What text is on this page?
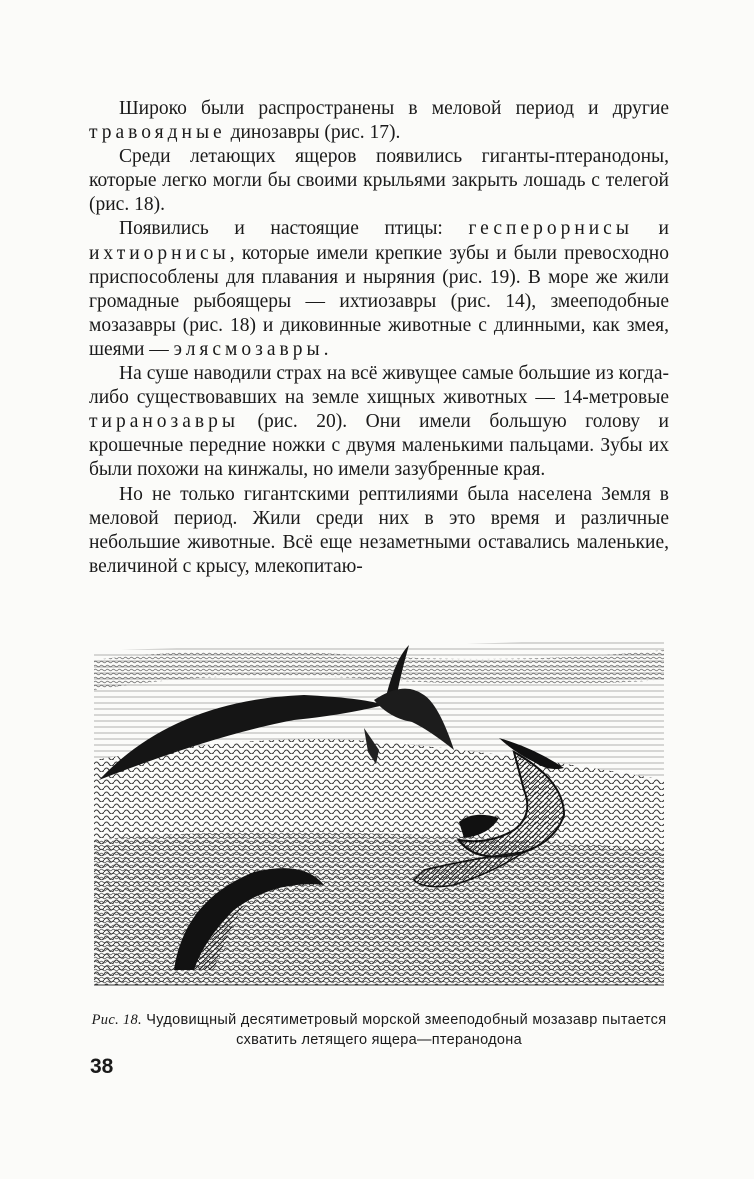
Широко были распространены в меловой период и другие травоядные динозавры (рис. 17).

Среди летающих ящеров появились гиганты-птеранодоны, которые легко могли бы своими крыльями закрыть лошадь с телегой (рис. 18).

Появились и настоящие птицы: гесперорнисы и ихтиорнисы, которые имели крепкие зубы и были превосходно приспособлены для плавания и ныряния (рис. 19). В море же жили громадные рыбоящеры — ихтиозавры (рис. 14), змееподобные мозазавры (рис. 18) и диковинные животные с длинными, как змея, шеями — элясмозавры.

На суше наводили страх на всё живущее самые большие из когда-либо существовавших на земле хищных животных — 14-метровые тиранозавры (рис. 20). Они имели большую голову и крошечные передние ножки с двумя маленькими пальцами. Зубы их были похожи на кинжалы, но имели зазубренные края.

Но не только гигантскими рептилиями была населена Земля в меловой период. Жили среди них в это время и различные небольшие животные. Всё еще незаметными оставались маленькие, величиной с крысу, млекопитаю-

Рис. 18. Чудовищный десятиметровый морской змееподобный мозазавр пытается схватить летящего ящера—птеранодона
38
